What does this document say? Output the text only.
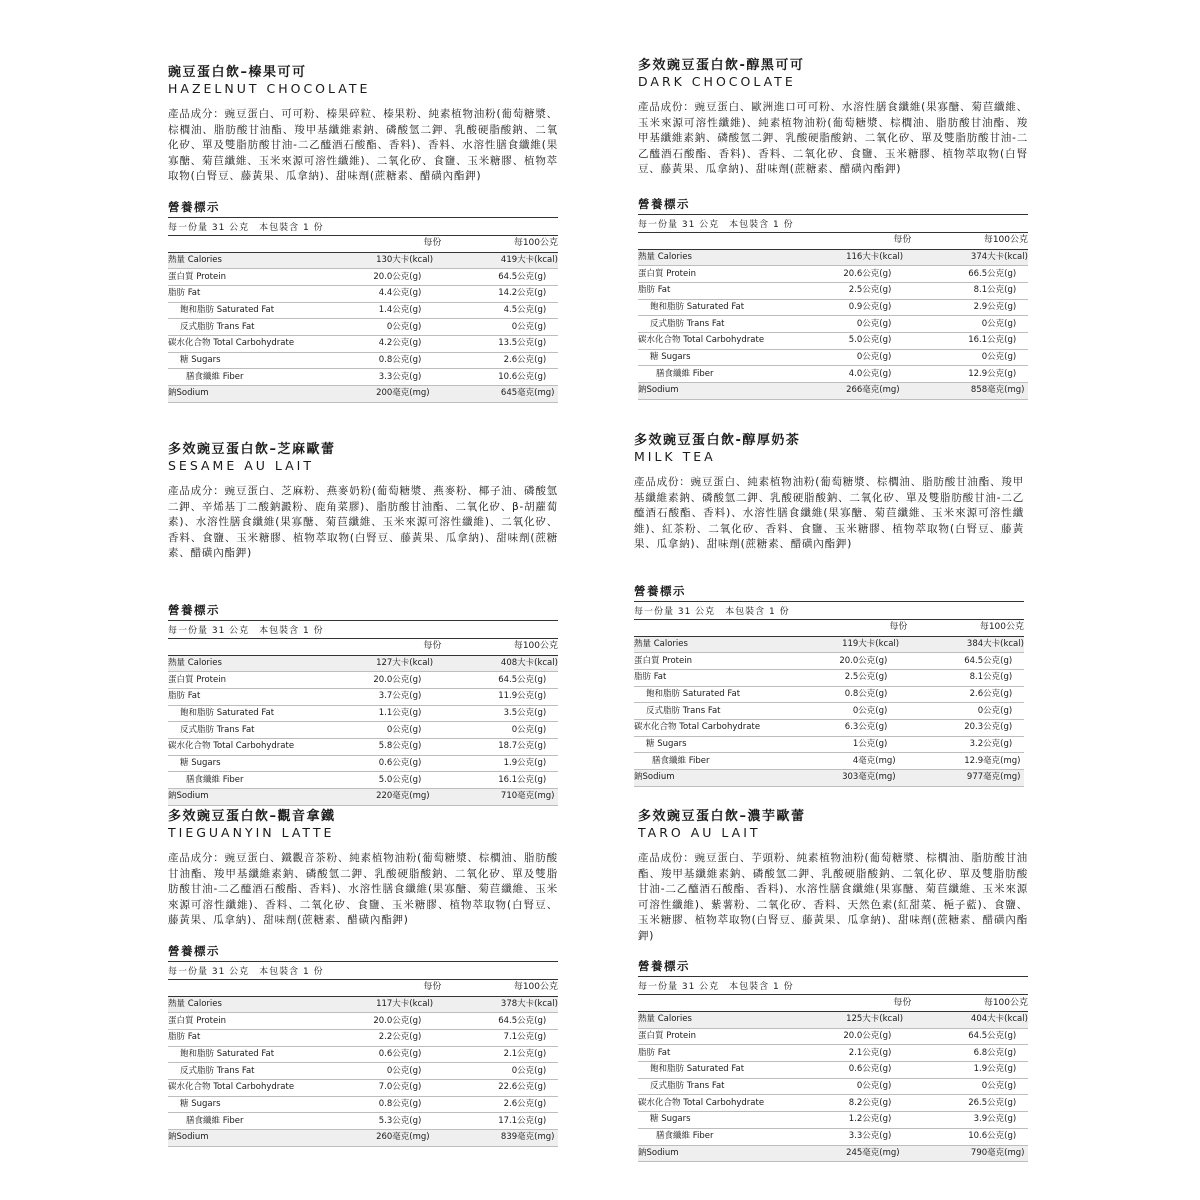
豌豆蛋白飲–榛果可可
HAZELNUT CHOCOLATE

產品成分：豌豆蛋白、可可粉、榛果碎粒、榛果粉、純素植物油粉(葡萄糖漿、棕櫚油、脂肪酸甘油酯、羧甲基纖維素鈉、磷酸氫二鉀、乳酸硬脂酸鈉、二氧化矽、單及雙脂肪酸甘油-二乙醯酒石酸酯、香料)、香料、水溶性膳食纖維(果寡醣、菊苣纖維、玉米來源可溶性纖維)、二氧化矽、食鹽、玉米糖膠、植物萃取物(白腎豆、藤黃果、瓜拿納)、甜味劑(蔗糖素、醋磺內酯鉀)

營養標示
每一份量 31 公克　本包裝含 1 份
	每份		每100公克	
熱量 Calories	130	大卡(kcal)	419	大卡(kcal)
蛋白質 Protein	20.0	公克(g)	64.5	公克(g)
脂肪 Fat	4.4	公克(g)	14.2	公克(g)
飽和脂肪 Saturated Fat	1.4	公克(g)	4.5	公克(g)
反式脂肪 Trans Fat	0	公克(g)	0	公克(g)
碳水化合物 Total Carbohydrate	4.2	公克(g)	13.5	公克(g)
糖 Sugars	0.8	公克(g)	2.6	公克(g)
膳食纖維 Fiber	3.3	公克(g)	10.6	公克(g)
鈉Sodium	200	毫克(mg)	645	毫克(mg)
多效豌豆蛋白飲-醇黑可可
DARK CHOCOLATE

產品成份：豌豆蛋白、歐洲進口可可粉、水溶性膳食纖維(果寡醣、菊苣纖維、玉米來源可溶性纖維)、純素植物油粉(葡萄糖漿、棕櫚油、脂肪酸甘油酯、羧甲基纖維素鈉、磷酸氫二鉀、乳酸硬脂酸鈉、二氧化矽、單及雙脂肪酸甘油-二乙醯酒石酸酯、香料)、香料、二氧化矽、食鹽、玉米糖膠、植物萃取物(白腎豆、藤黃果、瓜拿納)、甜味劑(蔗糖素、醋磺內酯鉀)

營養標示
每一份量 31 公克　本包裝含 1 份
	每份		每100公克	
熱量 Calories	116	大卡(kcal)	374	大卡(kcal)
蛋白質 Protein	20.6	公克(g)	66.5	公克(g)
脂肪 Fat	2.5	公克(g)	8.1	公克(g)
飽和脂肪 Saturated Fat	0.9	公克(g)	2.9	公克(g)
反式脂肪 Trans Fat	0	公克(g)	0	公克(g)
碳水化合物 Total Carbohydrate	5.0	公克(g)	16.1	公克(g)
糖 Sugars	0	公克(g)	0	公克(g)
膳食纖維 Fiber	4.0	公克(g)	12.9	公克(g)
鈉Sodium	266	毫克(mg)	858	毫克(mg)
多效豌豆蛋白飲–芝麻歐蕾
SESAME AU LAIT

產品成分：豌豆蛋白、芝麻粉、燕麥奶粉(葡萄糖漿、燕麥粉、椰子油、磷酸氫二鉀、辛烯基丁二酸鈉澱粉、鹿角菜膠)、脂肪酸甘油酯、二氧化矽、β-胡蘿蔔素)、水溶性膳食纖維(果寡醣、菊苣纖維、玉米來源可溶性纖維)、二氧化矽、香料、食鹽、玉米糖膠、植物萃取物(白腎豆、藤黃果、瓜拿納)、甜味劑(蔗糖素、醋磺內酯鉀)

營養標示
每一份量 31 公克　本包裝含 1 份
	每份		每100公克	
熱量 Calories	127	大卡(kcal)	408	大卡(kcal)
蛋白質 Protein	20.0	公克(g)	64.5	公克(g)
脂肪 Fat	3.7	公克(g)	11.9	公克(g)
飽和脂肪 Saturated Fat	1.1	公克(g)	3.5	公克(g)
反式脂肪 Trans Fat	0	公克(g)	0	公克(g)
碳水化合物 Total Carbohydrate	5.8	公克(g)	18.7	公克(g)
糖 Sugars	0.6	公克(g)	1.9	公克(g)
膳食纖維 Fiber	5.0	公克(g)	16.1	公克(g)
鈉Sodium	220	毫克(mg)	710	毫克(mg)
多效豌豆蛋白飲-醇厚奶茶
MILK TEA

產品成份：豌豆蛋白、純素植物油粉(葡萄糖漿、棕櫚油、脂肪酸甘油酯、羧甲基纖維素鈉、磷酸氫二鉀、乳酸硬脂酸鈉、二氧化矽、單及雙脂肪酸甘油-二乙醯酒石酸酯、香料)、水溶性膳食纖維(果寡醣、菊苣纖維、玉米來源可溶性纖維)、紅茶粉、二氧化矽、香料、食鹽、玉米糖膠、植物萃取物(白腎豆、藤黃果、瓜拿納)、甜味劑(蔗糖素、醋磺內酯鉀)

營養標示
每一份量 31 公克　本包裝含 1 份
	每份		每100公克	
熱量 Calories	119	大卡(kcal)	384	大卡(kcal)
蛋白質 Protein	20.0	公克(g)	64.5	公克(g)
脂肪 Fat	2.5	公克(g)	8.1	公克(g)
飽和脂肪 Saturated Fat	0.8	公克(g)	2.6	公克(g)
反式脂肪 Trans Fat	0	公克(g)	0	公克(g)
碳水化合物 Total Carbohydrate	6.3	公克(g)	20.3	公克(g)
糖 Sugars	1	公克(g)	3.2	公克(g)
膳食纖維 Fiber	4	毫克(mg)	12.9	毫克(mg)
鈉Sodium	303	毫克(mg)	977	毫克(mg)
多效豌豆蛋白飲–觀音拿鐵
TIEGUANYIN LATTE

產品成分：豌豆蛋白、鐵觀音茶粉、純素植物油粉(葡萄糖漿、棕櫚油、脂肪酸甘油酯、羧甲基纖維素鈉、磷酸氫二鉀、乳酸硬脂酸鈉、二氧化矽、單及雙脂肪酸甘油-二乙醯酒石酸酯、香料)、水溶性膳食纖維(果寡醣、菊苣纖維、玉米來源可溶性纖維)、香料、二氧化矽、食鹽、玉米糖膠、植物萃取物(白腎豆、藤黃果、瓜拿納)、甜味劑(蔗糖素、醋磺內酯鉀)

營養標示
每一份量 31 公克　本包裝含 1 份
	每份		每100公克	
熱量 Calories	117	大卡(kcal)	378	大卡(kcal)
蛋白質 Protein	20.0	公克(g)	64.5	公克(g)
脂肪 Fat	2.2	公克(g)	7.1	公克(g)
飽和脂肪 Saturated Fat	0.6	公克(g)	2.1	公克(g)
反式脂肪 Trans Fat	0	公克(g)	0	公克(g)
碳水化合物 Total Carbohydrate	7.0	公克(g)	22.6	公克(g)
糖 Sugars	0.8	公克(g)	2.6	公克(g)
膳食纖維 Fiber	5.3	公克(g)	17.1	公克(g)
鈉Sodium	260	毫克(mg)	839	毫克(mg)
多效豌豆蛋白飲–濃芋歐蕾
TARO AU LAIT

產品成份：豌豆蛋白、芋頭粉、純素植物油粉(葡萄糖漿、棕櫚油、脂肪酸甘油酯、羧甲基纖維素鈉、磷酸氫二鉀、乳酸硬脂酸鈉、二氧化矽、單及雙脂肪酸甘油-二乙醯酒石酸酯、香料)、水溶性膳食纖維(果寡醣、菊苣纖維、玉米來源可溶性纖維)、紫薯粉、二氧化矽、香料、天然色素(紅甜菜、梔子藍)、食鹽、玉米糖膠、植物萃取物(白腎豆、藤黃果、瓜拿納)、甜味劑(蔗糖素、醋磺內酯鉀)

營養標示
每一份量 31 公克　本包裝含 1 份
	每份		每100公克	
熱量 Calories	125	大卡(kcal)	404	大卡(kcal)
蛋白質 Protein	20.0	公克(g)	64.5	公克(g)
脂肪 Fat	2.1	公克(g)	6.8	公克(g)
飽和脂肪 Saturated Fat	0.6	公克(g)	1.9	公克(g)
反式脂肪 Trans Fat	0	公克(g)	0	公克(g)
碳水化合物 Total Carbohydrate	8.2	公克(g)	26.5	公克(g)
糖 Sugars	1.2	公克(g)	3.9	公克(g)
膳食纖維 Fiber	3.3	公克(g)	10.6	公克(g)
鈉Sodium	245	毫克(mg)	790	毫克(mg)
